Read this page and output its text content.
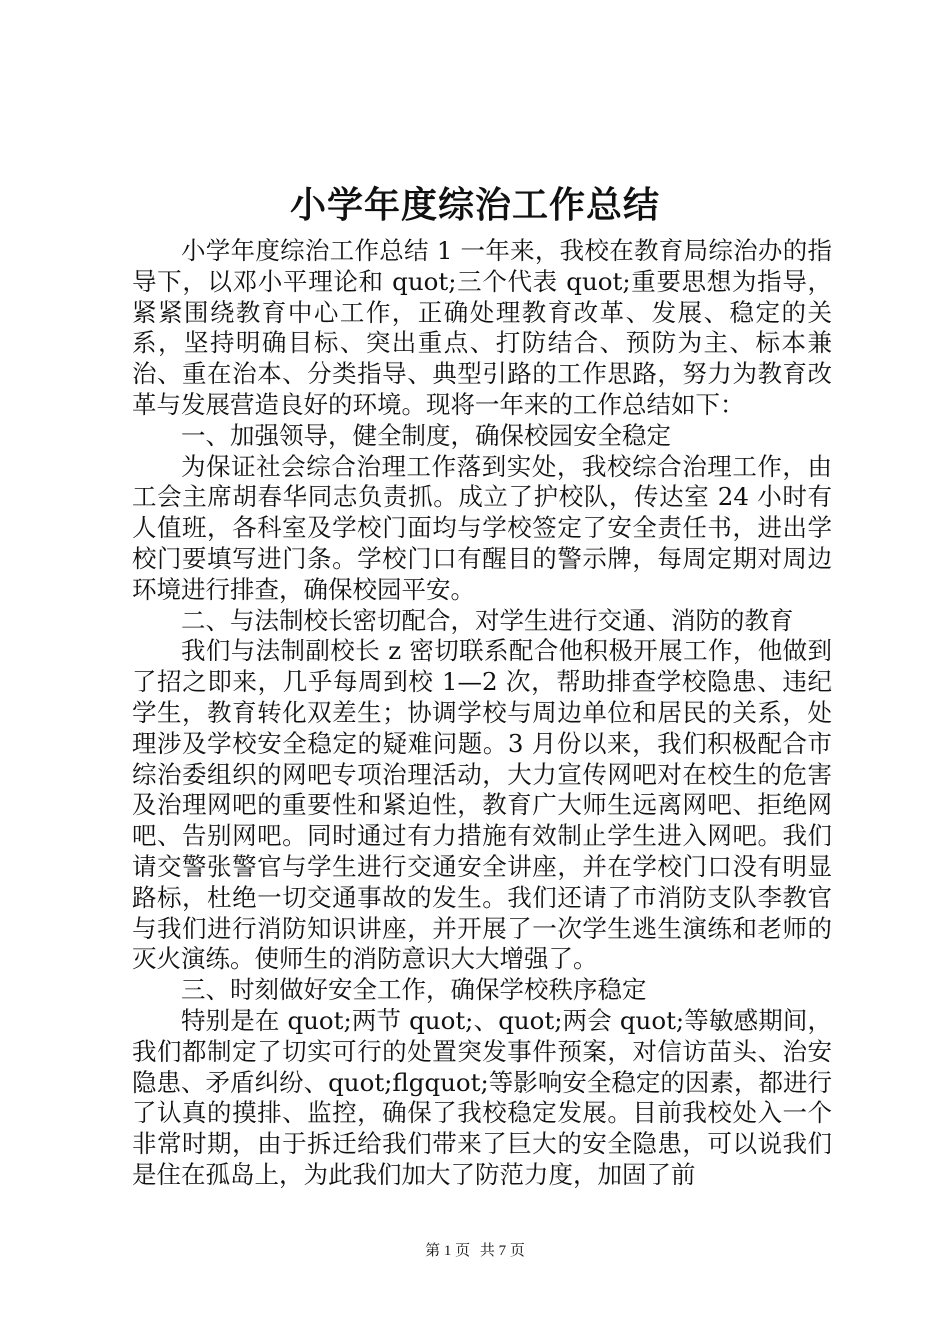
小学年度综治工作总结

小学年度综治工作总结 1 一年来，我校在教育局综治办的指导下，以邓小平理论和 quot;三个代表 quot;重要思想为指导，紧紧围绕教育中心工作，正确处理教育改革、发展、稳定的关系，坚持明确目标、突出重点、打防结合、预防为主、标本兼治、重在治本、分类指导、典型引路的工作思路，努力为教育改革与发展营造良好的环境。现将一年来的工作总结如下：

一、加强领导，健全制度，确保校园安全稳定

为保证社会综合治理工作落到实处，我校综合治理工作，由工会主席胡春华同志负责抓。成立了护校队，传达室 24 小时有人值班，各科室及学校门面均与学校签定了安全责任书，进出学校门要填写进门条。学校门口有醒目的警示牌，每周定期对周边环境进行排查，确保校园平安。

二、与法制校长密切配合，对学生进行交通、消防的教育

我们与法制副校长 z 密切联系配合他积极开展工作，他做到了招之即来，几乎每周到校 1—2 次，帮助排查学校隐患、违纪学生，教育转化双差生；协调学校与周边单位和居民的关系，处理涉及学校安全稳定的疑难问题。3 月份以来，我们积极配合市综治委组织的网吧专项治理活动，大力宣传网吧对在校生的危害及治理网吧的重要性和紧迫性，教育广大师生远离网吧、拒绝网吧、告别网吧。同时通过有力措施有效制止学生进入网吧。我们请交警张警官与学生进行交通安全讲座，并在学校门口没有明显路标，杜绝一切交通事故的发生。我们还请了市消防支队李教官与我们进行消防知识讲座，并开展了一次学生逃生演练和老师的灭火演练。使师生的消防意识大大增强了。

三、时刻做好安全工作，确保学校秩序稳定

特别是在 quot;两节 quot;、quot;两会 quot;等敏感期间，我们都制定了切实可行的处置突发事件预案，对信访苗头、治安隐患、矛盾纠纷、quot;flgquot;等影响安全稳定的因素，都进行了认真的摸排、监控，确保了我校稳定发展。目前我校处入一个非常时期，由于拆迁给我们带来了巨大的安全隐患，可以说我们是住在孤岛上，为此我们加大了防范力度，加固了前

第 1 页 共 7 页
